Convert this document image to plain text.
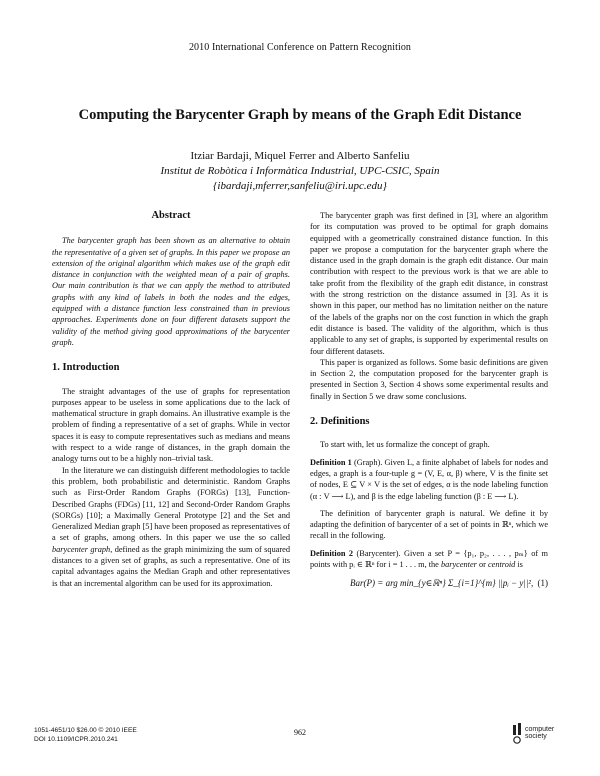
2010 International Conference on Pattern Recognition
Computing the Barycenter Graph by means of the Graph Edit Distance
Itziar Bardaji, Miquel Ferrer and Alberto Sanfeliu
Institut de Robòtica i Informàtica Industrial, UPC-CSIC, Spain
{ibardaji,mferrer,sanfeliu@iri.upc.edu}
Abstract

The barycenter graph has been shown as an alternative to obtain the representative of a given set of graphs. In this paper we propose an extension of the original algorithm which makes use of the graph edit distance in conjunction with the weighted mean of a pair of graphs. Our main contribution is that we can apply the method to attributed graphs with any kind of labels in both the nodes and the edges, equipped with a distance function less constrained than in previous approaches. Experiments done on four different datasets support the validity of the method giving good approximations of the barycenter graph.

1. Introduction

The straight advantages of the use of graphs for representation purposes appear to be useless in some applications due to the lack of mathematical structure in graph domains. An illustrative example is the problem of finding a representative of a set of graphs. While in vector spaces it is easy to compute representatives such as medians and means with respect to a wide range of distances, in the graph domain the analogy turns out to be a highly non–trivial task.

In the literature we can distinguish different methodologies to tackle this problem, both probabilistic and deterministic. Random Graphs such as First-Order Random Graphs (FORGs) [13], Function-Described Graphs (FDGs) [11, 12] and Second-Order Random Graphs (SORGs) [10]; a Maximally General Prototype [2] and the Set and Generalized Median graph [5] have been proposed as representatives of a set of graphs, among others. In this paper we use the so called barycenter graph, defined as the graph minimizing the sum of squared distances to a given set of graphs, as such a representative. One of its capital advantages agains the Median Graph and other representatives is that an incremental algorithm can be used for its approximation.

The barycenter graph was first defined in [3], where an algorithm for its computation was proved to be optimal for graph domains equipped with a geometrically constrained distance function. In this paper we propose a computation for the barycenter graph where the distance used in the graph domain is the graph edit distance. Our main contribution with respect to the previous work is that we are able to take profit from the flexibility of the graph edit distance, in constrast with the strong restriction on the distance assumed in [3]. As it is shown in this paper, our method has no limitation neither on the nature of the labels of the graphs nor on the cost function in which the graph edit distance is based. The validity of the algorithm, which is thus applicable to any set of graphs, is supported by experimental results on four different datasets.

This paper is organized as follows. Some basic definitions are given in Section 2, the computation proposed for the barycenter graph is presented in Section 3, Section 4 shows some experimental results and finally in Section 5 we draw some conclusions.

2. Definitions

To start with, let us formalize the concept of graph.

Definition 1 (Graph). Given L, a finite alphabet of labels for nodes and edges, a graph is a four-tuple g = (V, E, α, β) where, V is the finite set of nodes, E ⊆ V × V is the set of edges, α is the node labeling function (α : V ⟶ L), and β is the edge labeling function (β : E ⟶ L).

The definition of barycenter graph is natural. We define it by adapting the definition of barycenter of a set of points in ℝⁿ, which we recall in the following.

Definition 2 (Barycenter). Given a set P = {p₁, p₂, . . . , pₘ} of m points with pᵢ ∈ ℝⁿ for i = 1 . . . m, the barycenter or centroid is

Bar(P) = arg min_{y∈ℝⁿ} Σ_{i=1}^{m} ||pᵢ − y||², (1)
1051-4651/10 $26.00 © 2010 IEEE
DOI 10.1109/ICPR.2010.241
962	computer
society
